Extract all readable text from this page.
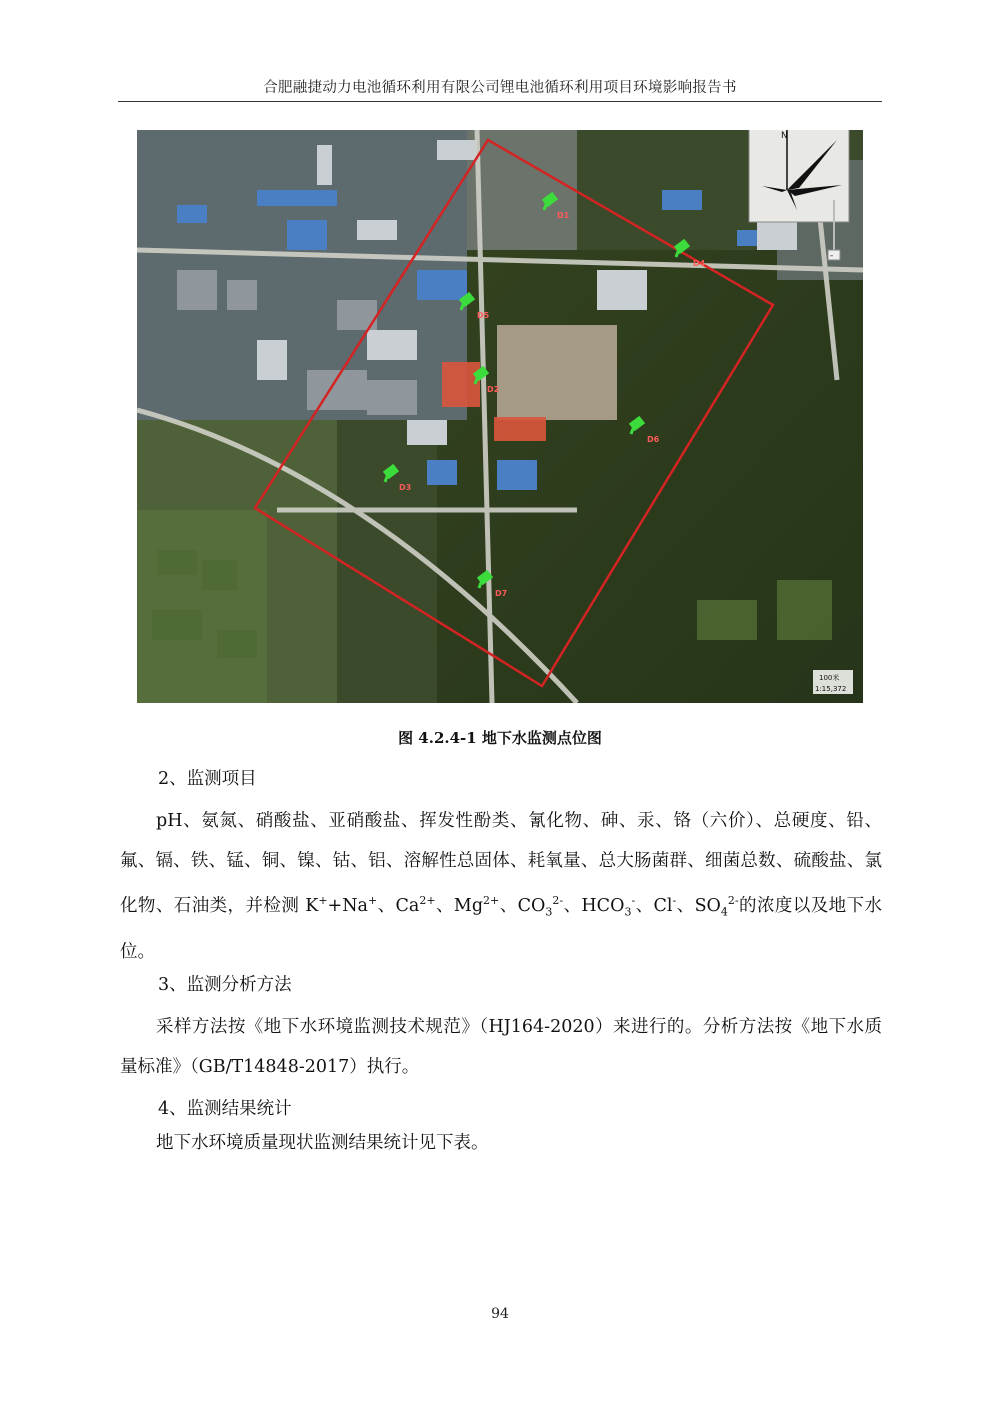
合肥融捷动力电池循环利用有限公司锂电池循环利用项目环境影响报告书
D1
D2
D3
D4
D5
D6
D7
N
-
100米
1:15,372
图 4.2.4-1 地下水监测点位图
2、监测项目
pH、氨氮、硝酸盐、亚硝酸盐、挥发性酚类、氰化物、砷、汞、铬（六价）、总硬度、铅、氟、镉、铁、锰、铜、镍、钴、铝、溶解性总固体、耗氧量、总大肠菌群、细菌总数、硫酸盐、氯化物、石油类，并检测 K++Na+、$Ca^{2+}$、$Mg^{2+}$、$CO_3^{2-}$、$HCO_3^-$、Cl-、$SO_4^{2-}$的浓度以及地下水位。
3、监测分析方法
采样方法按《地下水环境监测技术规范》（HJ164-2020）来进行的。分析方法按《地下水质量标准》（GB/T14848-2017）执行。
4、监测结果统计
地下水环境质量现状监测结果统计见下表。
94
